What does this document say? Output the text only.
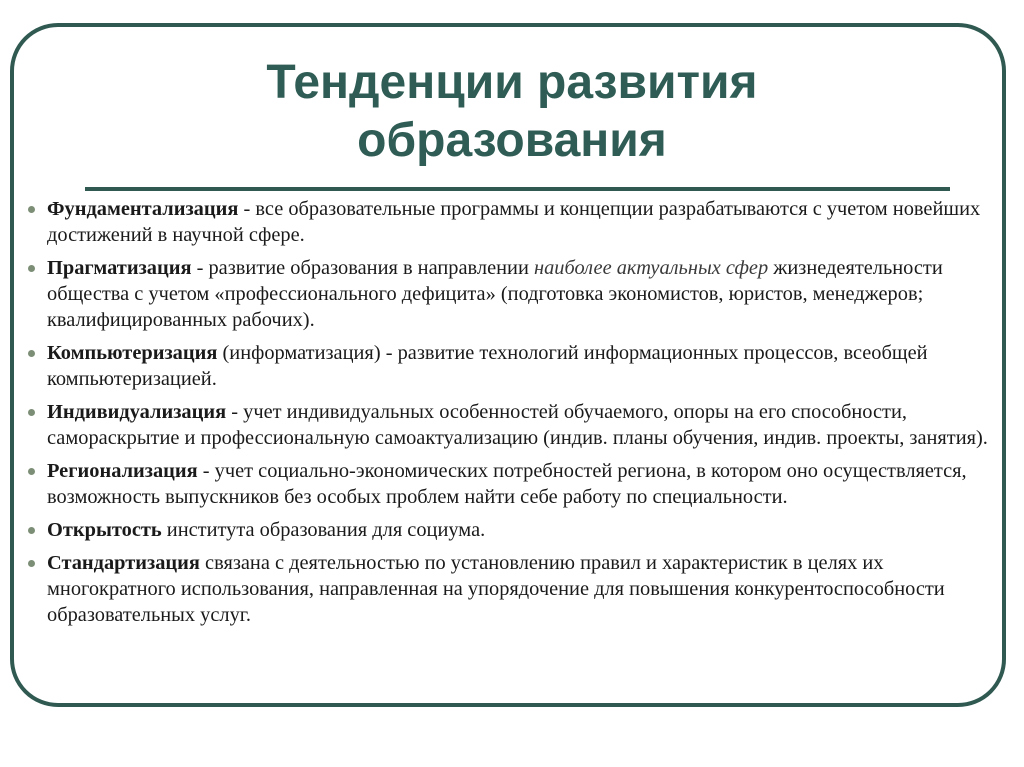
Тенденции развития
образования
Фундаментализация - все образовательные программы и концепции разрабатываются с учетом новейших достижений в научной сфере.
Прагматизация - развитие образования в направлении наиболее актуальных сфер жизнедеятельности общества с учетом «профессионального дефицита» (подготовка экономистов, юристов, менеджеров; квалифицированных рабочих).
Компьютеризация (информатизация) - развитие технологий информационных процессов, всеобщей компьютеризацией.
Индивидуализация - учет индивидуальных особенностей обучаемого, опоры на его способности, самораскрытие и профессиональную самоактуализацию (индив. планы обучения, индив. проекты, занятия).
Регионализация - учет социально-экономических потребностей региона, в котором оно осуществляется, возможность выпускников без особых проблем найти себе работу по специальности.
Открытость института образования для социума.
Стандартизация связана с деятельностью по установлению правил и характеристик в целях их многократного использования, направленная на упорядочение для повышения конкурентоспособности образовательных услуг.
